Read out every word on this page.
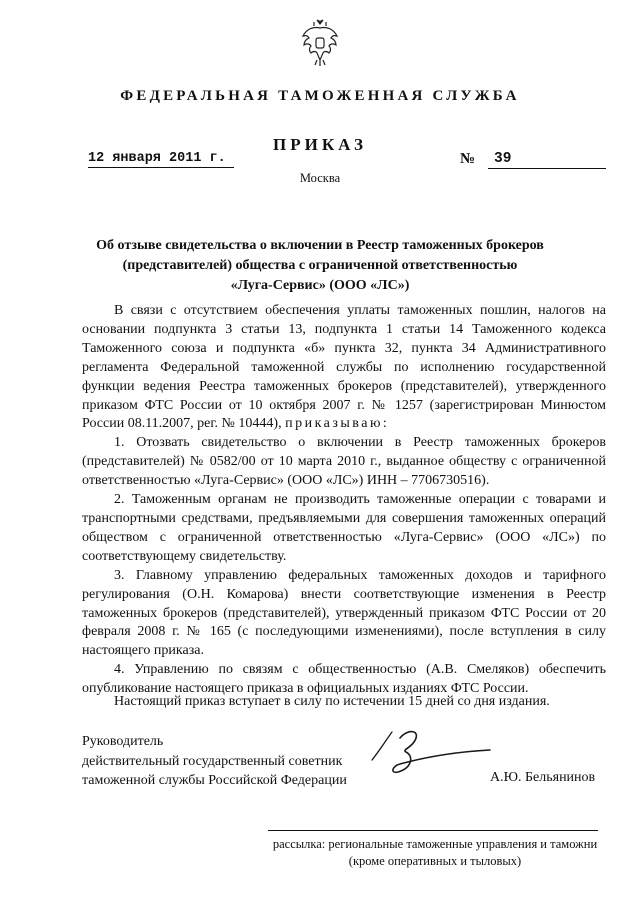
ФЕДЕРАЛЬНАЯ ТАМОЖЕННАЯ СЛУЖБА
ПРИКАЗ
12 января 2011 г.	№	39
Москва
Об отзыве свидетельства о включении в Реестр таможенных брокеров
(представителей) общества с ограниченной ответственностью
«Луга-Сервис» (ООО «ЛС»)

В связи с отсутствием обеспечения уплаты таможенных пошлин, налогов на основании подпункта 3 статьи 13, подпункта 1 статьи 14 Таможенного кодекса Таможенного союза и подпункта «б» пункта 32, пункта 34 Административного регламента Федеральной таможенной службы по исполнению государственной функции ведения Реестра таможенных брокеров (представителей), утвержденного приказом ФТС России от 10 октября 2007 г. № 1257 (зарегистрирован Минюстом России 08.11.2007, рег. № 10444), приказываю:

1. Отозвать свидетельство о включении в Реестр таможенных брокеров (представителей) № 0582/00 от 10 марта 2010 г., выданное обществу с ограниченной ответственностью «Луга-Сервис» (ООО «ЛС») ИНН – 7706730516).

2. Таможенным органам не производить таможенные операции с товарами и транспортными средствами, предъявляемыми для совершения таможенных операций обществом с ограниченной ответственностью «Луга-Сервис» (ООО «ЛС») по соответствующему свидетельству.

3. Главному управлению федеральных таможенных доходов и тарифного регулирования (О.Н. Комарова) внести соответствующие изменения в Реестр таможенных брокеров (представителей), утвержденный приказом ФТС России от 20 февраля 2008 г. № 165 (с последующими изменениями), после вступления в силу настоящего приказа.

4. Управлению по связям с общественностью (А.В. Смеляков) обеспечить опубликование настоящего приказа в официальных изданиях ФТС России.

Настоящий приказ вступает в силу по истечении 15 дней со дня издания.
Руководитель
действительный государственный советник
таможенной службы Российской Федерации	А.Ю. Бельянинов
рассылка: региональные таможенные управления и таможни
(кроме оперативных и тыловых)
